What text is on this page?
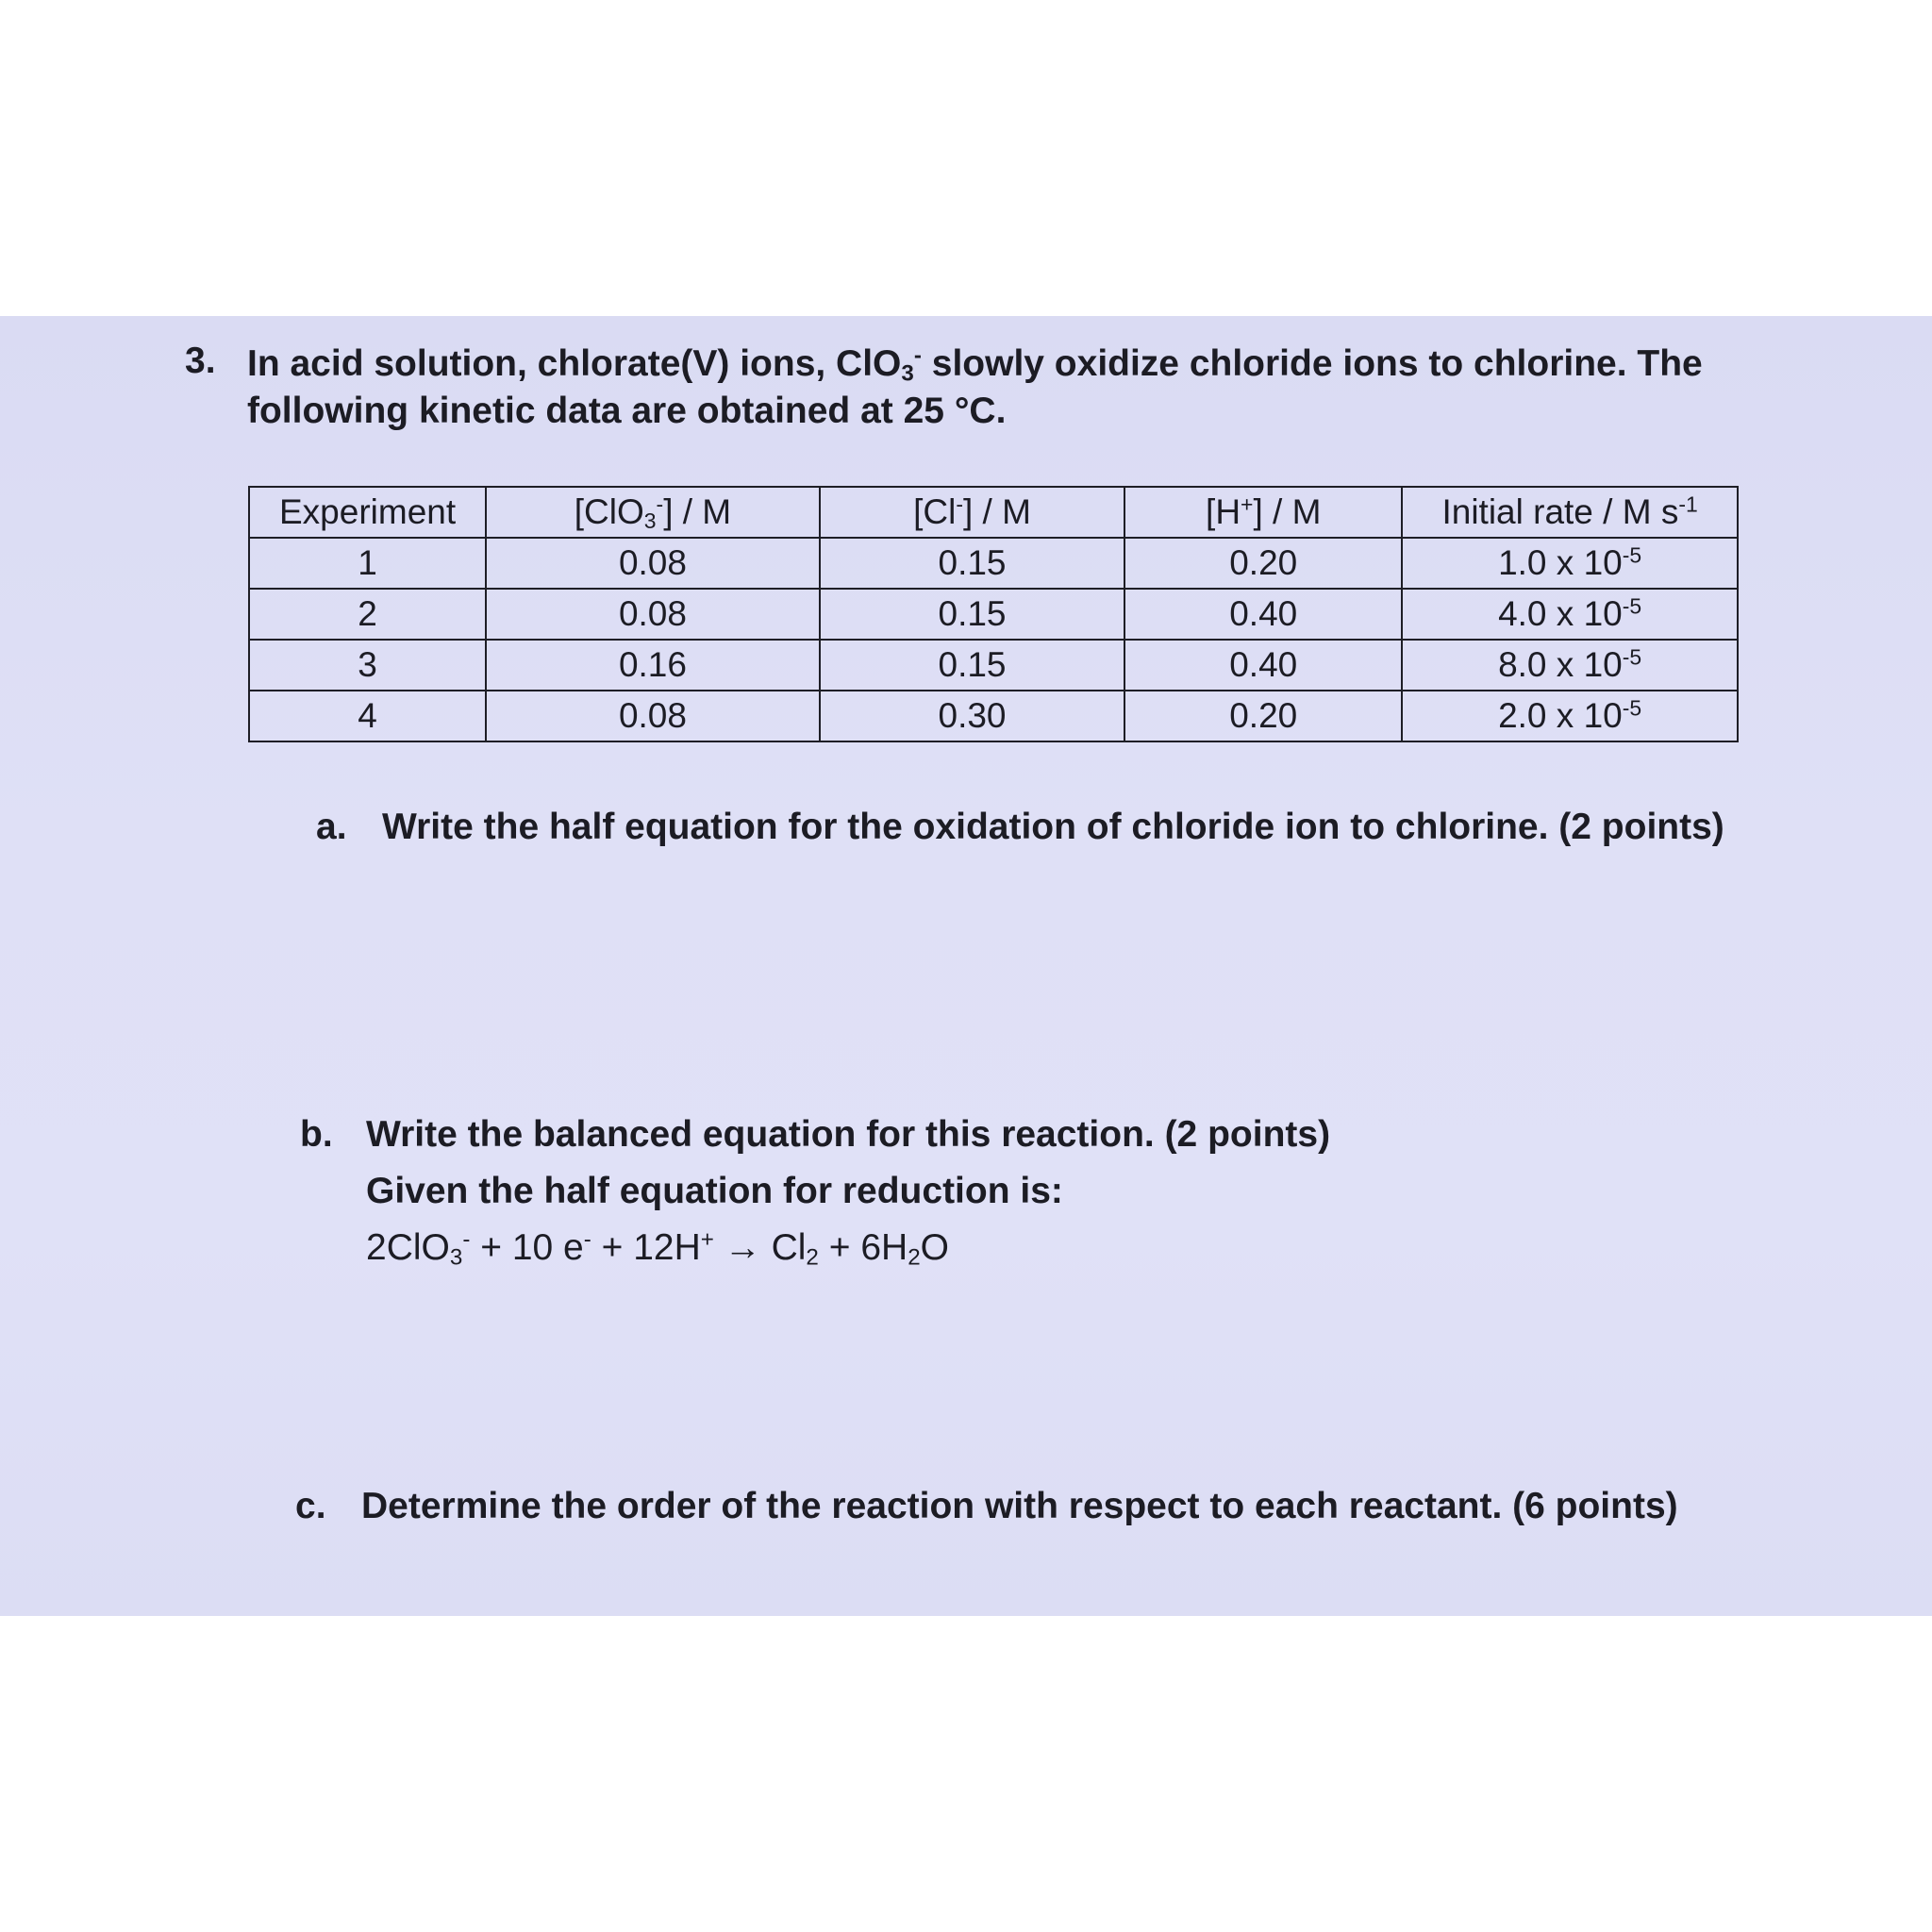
3. In acid solution, chlorate(V) ions, ClO$_3$- slowly oxidize chloride ions to chlorine. The
following kinetic data are obtained at 25 °C.
Experiment	[ClO$_3$-] / M	[Cl-] / M	[H+] / M	Initial rate / M $s^{-1}$
1	0.08	0.15	0.20	1.0 x $10^{-5}$
2	0.08	0.15	0.40	4.0 x $10^{-5}$
3	0.16	0.15	0.40	8.0 x $10^{-5}$
4	0.08	0.30	0.20	2.0 x $10^{-5}$
a. Write the half equation for the oxidation of chloride ion to chlorine. (2 points)
b. Write the balanced equation for this reaction. (2 points)
Given the half equation for reduction is:
2ClO$_3$- + 10 $e^- + 12H^+ \to Cl_2 + 6H_2O$
c. Determine the order of the reaction with respect to each reactant. (6 points)
